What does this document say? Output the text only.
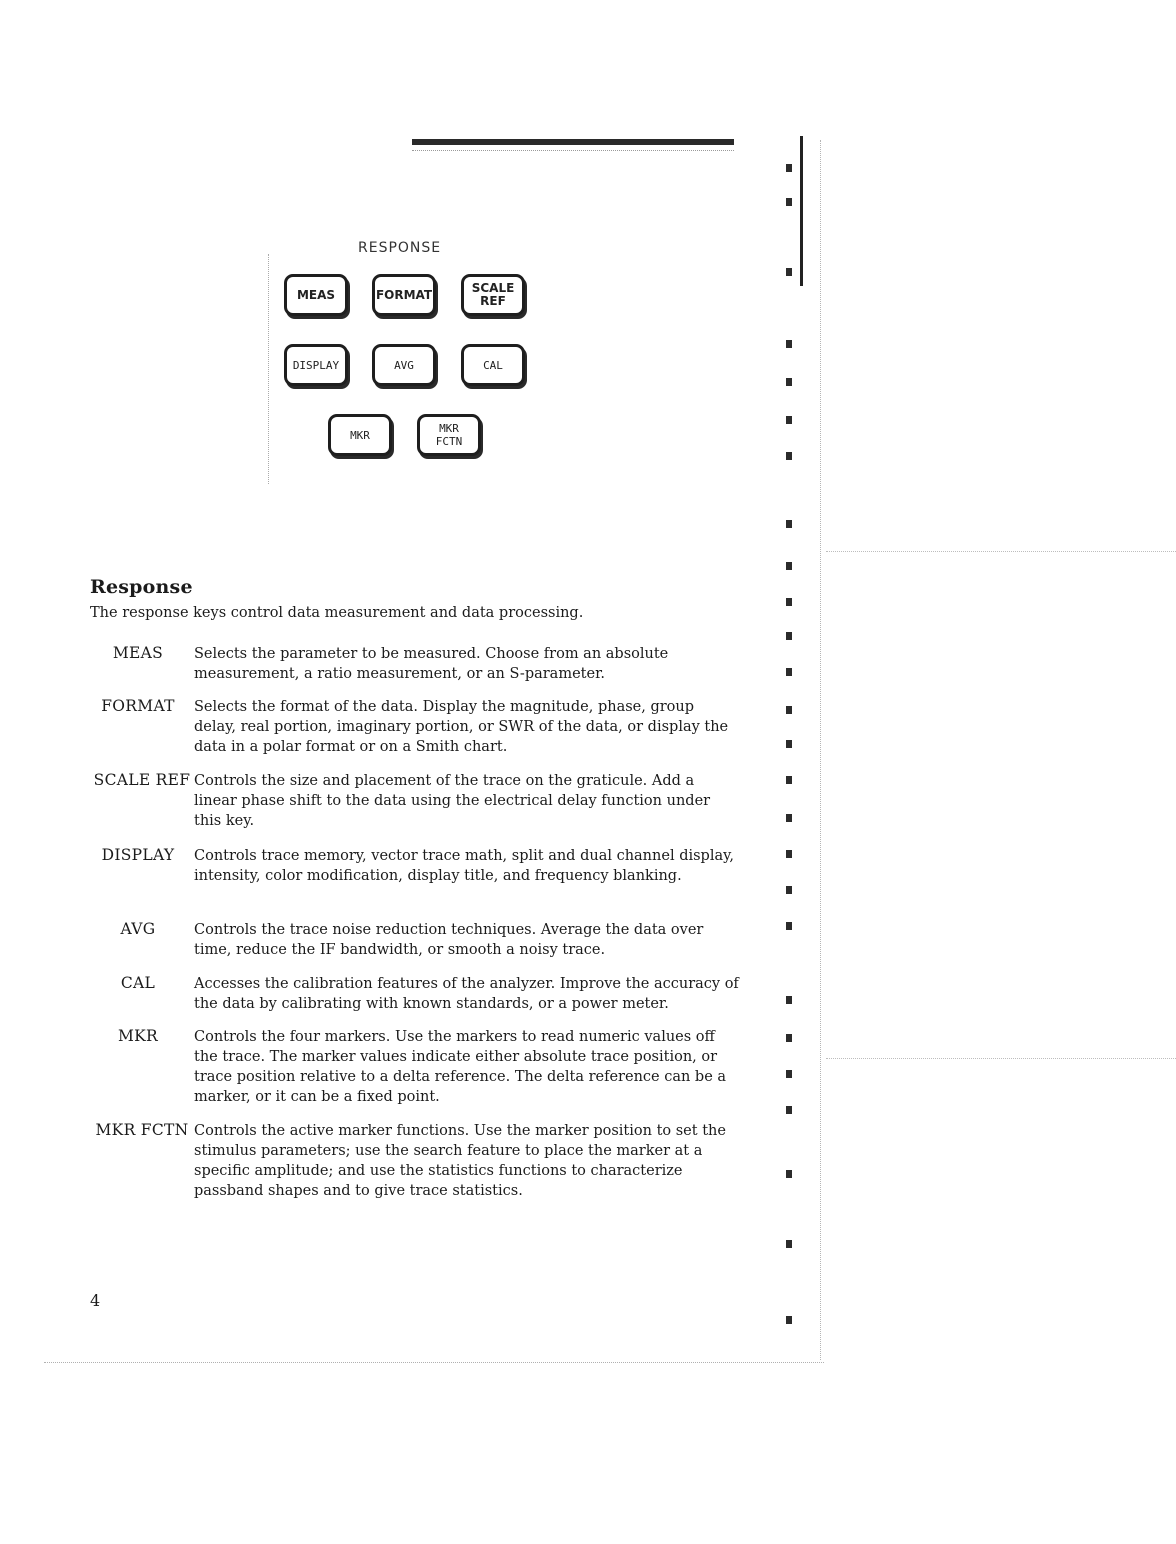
RESPONSE
MEAS	FORMAT	SCALE
REF
DISPLAY	AVG	CAL
MKR	MKR
FCTN
Response
The response keys control data measurement and data processing.
MEAS	Selects the parameter to be measured. Choose from an absolute measurement, a ratio measurement, or an S-parameter.
FORMAT	Selects the format of the data. Display the magnitude, phase, group delay, real portion, imaginary portion, or SWR of the data, or display the data in a polar format or on a Smith chart.
SCALE REF Controls the size and placement of the trace on the graticule. Add a linear phase shift to the data using the electrical delay function under this key.
DISPLAY	Controls trace memory, vector trace math, split and dual channel display, intensity, color modification, display title, and frequency blanking.
AVG	Controls the trace noise reduction techniques. Average the data over time, reduce the IF bandwidth, or smooth a noisy trace.
CAL	Accesses the calibration features of the analyzer. Improve the accuracy of the data by calibrating with known standards, or a power meter.
MKR	Controls the four markers. Use the markers to read numeric values off the trace. The marker values indicate either absolute trace position, or trace position relative to a delta reference. The delta reference can be a marker, or it can be a fixed point.
MKR FCTN Controls the active marker functions. Use the marker position to set the stimulus parameters; use the search feature to place the marker at a specific amplitude; and use the statistics functions to characterize passband shapes and to give trace statistics.
4
